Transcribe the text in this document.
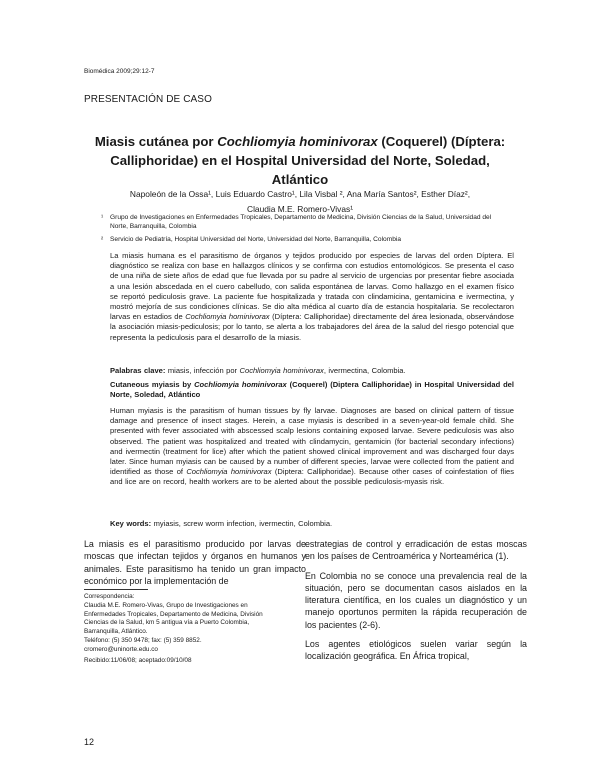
Biomédica 2009;29:12-7
PRESENTACIÓN DE CASO
Miasis cutánea por Cochliomyia hominivorax (Coquerel) (Díptera: Calliphoridae) en el Hospital Universidad del Norte, Soledad, Atlántico
Napoleón de la Ossa¹, Luis Eduardo Castro¹, Lila Visbal ², Ana María Santos², Esther Díaz²,
Claudia M.E. Romero-Vivas¹
¹ Grupo de Investigaciones en Enfermedades Tropicales, Departamento de Medicina, División Ciencias de la Salud, Universidad del Norte, Barranquilla, Colombia
² Servicio de Pediatría, Hospital Universidad del Norte, Universidad del Norte, Barranquilla, Colombia
La miasis humana es el parasitismo de órganos y tejidos producido por especies de larvas del orden Díptera. El diagnóstico se realiza con base en hallazgos clínicos y se confirma con estudios entomológicos. Se presenta el caso de una niña de siete años de edad que fue llevada por su padre al servicio de urgencias por presentar fiebre asociada a una lesión abscedada en el cuero cabelludo, con salida espontánea de larvas. Como hallazgo en el examen físico se reportó pediculosis grave. La paciente fue hospitalizada y tratada con clindamicina, gentamicina e ivermectina, y mostró mejoría de sus condiciones clínicas. Se dio alta médica al cuarto día de estancia hospitalaria. Se recolectaron larvas en estadios de Cochliomyia hominivorax (Díptera: Calliphoridae) directamente del área lesionada, observándose la asociación miasis-pediculosis; por lo tanto, se alerta a los trabajadores del área de la salud del riesgo potencial que representa la pediculosis para el desarrollo de la miasis.
Palabras clave: miasis, infección por Cochliomyia hominivorax, ivermectina, Colombia.
Cutaneous myiasis by Cochliomyia hominivorax (Coquerel) (Diptera Calliphoridae) in Hospital Universidad del Norte, Soledad, Atlántico
Human myiasis is the parasitism of human tissues by fly larvae. Diagnoses are based on clinical pattern of tissue damage and presence of insect stages. Herein, a case myiasis is described in a seven-year-old female child. She presented with fever associated with abscessed scalp lesions containing exposed larvae. Severe pediculosis was also observed. The patient was hospitalized and treated with clindamycin, gentamicin (for bacterial secondary infections) and ivermectin (treatment for lice) after which the patient showed clinical improvement and was discharged four days later. Since human myiasis can be caused by a number of different species, larvae were collected from the patient and identified as those of Cochliomyia hominivorax (Diptera: Calliphoridae). Because other cases of coinfestation of flies and lice are on record, health workers are to be alerted about the possible pediculosis-myasis risk.
Key words: myiasis, screw worm infection, ivermectin, Colombia.

La miasis es el parasitismo producido por larvas de moscas que infectan tejidos y órganos en humanos y animales. Este parasitismo ha tenido un gran impacto económico por la implementación de

Correspondencia:
Claudia M.E. Romero-Vivas, Grupo de Investigaciones en Enfermedades Tropicales, Departamento de Medicina, División Ciencias de la Salud, km 5 antigua vía a Puerto Colombia, Barranquilla, Atlántico.
Teléfono: (5) 350 9478; fax: (5) 359 8852.
cromero@uninorte.edu.co
Recibido:11/06/08; aceptado:09/10/08

estrategias de control y erradicación de estas moscas en los países de Centroamérica y Norteamérica (1).

En Colombia no se conoce una prevalencia real de la situación, pero se documentan casos aislados en la literatura científica, en los cuales un diagnóstico y un manejo oportunos permiten la rápida recuperación de los pacientes (2-6).

Los agentes etiológicos suelen variar según la localización geográfica. En África tropical,

12
